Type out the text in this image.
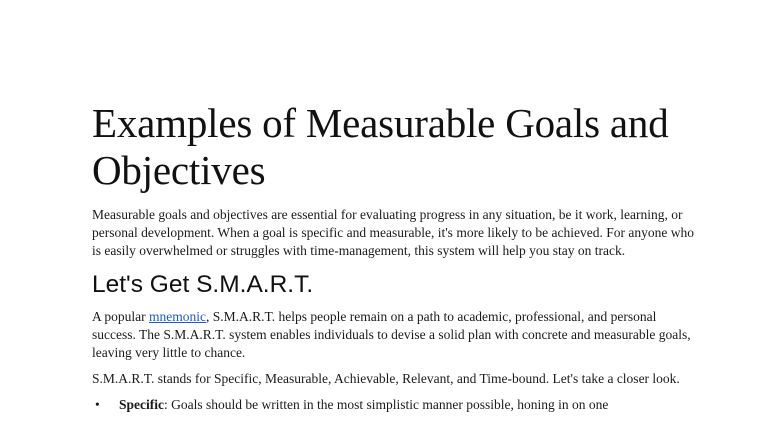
Examples of Measurable Goals and Objectives

Measurable goals and objectives are essential for evaluating progress in any situation, be it work, learning, or personal development. When a goal is specific and measurable, it's more likely to be achieved. For anyone who is easily overwhelmed or struggles with time-management, this system will help you stay on track.

Let's Get S.M.A.R.T.

A popular mnemonic, S.M.A.R.T. helps people remain on a path to academic, professional, and personal success. The S.M.A.R.T. system enables individuals to devise a solid plan with concrete and measurable goals, leaving very little to chance.

S.M.A.R.T. stands for Specific, Measurable, Achievable, Relevant, and Time-bound. Let's take a closer look.

• Specific: Goals should be written in the most simplistic manner possible, honing in on one
